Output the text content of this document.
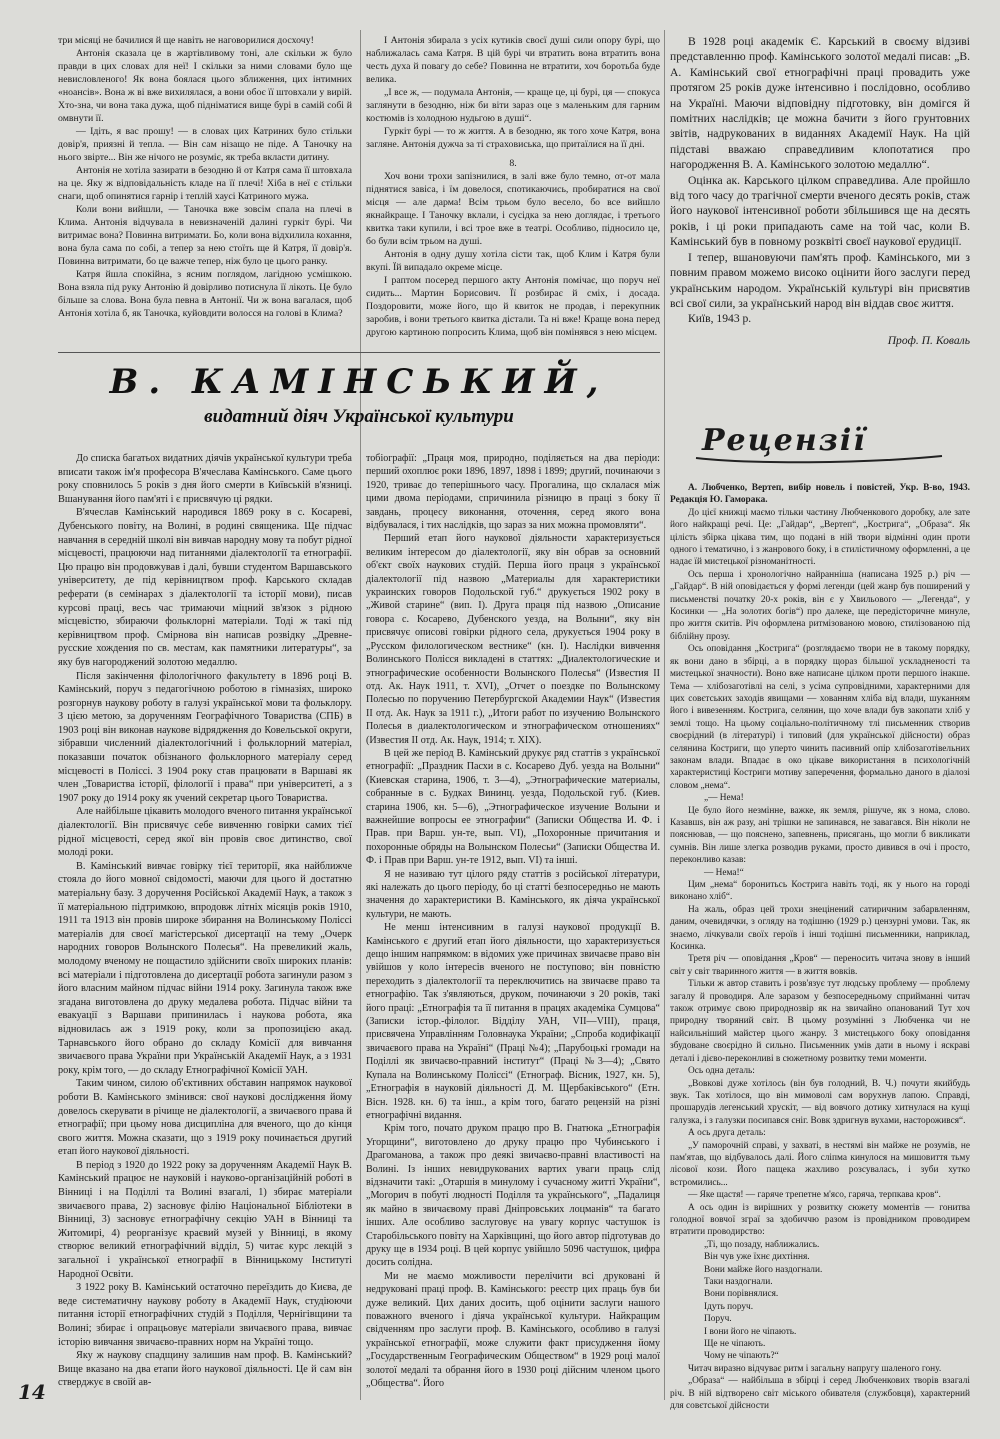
три місяці не бачилися й ще навіть не наговорилися досхочу!

Антонія сказала це в жартівливому тоні, але скільки ж було правди в цих словах для неї! І скільки за ними словами було ще невисловленого! Як вона боялася цього зближення, цих інтимних «ноансів». Вона ж ві вже вихилялася, а вони обоє її штовхали у вирій. Хто-зна, чи вона така дужа, щоб підніматися вище бурі в самій собі й омвнути її.

— Ідіть, я вас прошу! — в словах цих Катриних було стільки довір'я, приязні й тепла. — Він сам нізащо не піде. А Таночку на нього звірте... Він же нічого не розуміє, як треба вкласти дитину.

Антонія не хотіла зазирати в безодню й от Катря сама її штовхала на це. Яку ж відповідальність кладе на її плечі! Хіба в неї є стільки снаги, щоб опинятися гарнір і теплій хаусі Катриного мужа.

Коли вони вийшли, — Таночка вже зовсім спала на плечі в Клима. Антонія відчувала в невизначеній далині гуркіт бурі. Чи витримає вона? Повинна витримати. Бо, коли вона відхилила кохання, вона була сама по собі, а тепер за нею стоїть ще й Катря, її довір'я. Повинна витримати, бо це важче тепер, ніж було це цього ранку.

Катря йшла спокійна, з ясним поглядом, лагідною усмішкою. Вона взяла під руку Антонію й довірливо потиснула її лікоть. Це було більше за слова. Вона була певна в Антонії. Чи ж вона вагалася, щоб Антонія хотіла б, як Таночка, куйовдити волосся на голові в Клима?

І Антонія збирала з усіх кутиків своєї душі сили опору бурі, що наближалась сама Катря. В цій бурі чи втратить вона втратить вона честь духа й повагу до себе? Повинна не втратити, хоч боротьба буде велика.

„І все ж, — подумала Антонія, — краще це, ці бурі, ця — спокуса заглянути в безодню, ніж би віти зараз оце з маленьким для гарним костюмів із холодною нудьгою в душі“.

Гуркіт бурі — то ж життя. А в безодню, як того хоче Катря, вона загляне. Антонія дужча за ті страховиська, що притаїлися на її дні.

8.

Хоч вони трохи запізнилися, в залі вже було темно, от-от мала піднятися завіса, і їм довелося, спотикаючись, пробиратися на свої місця — але дарма! Всім трьом було весело, бо все вийшло якнайкраще. І Таночку вклали, і сусідка за нею доглядає, і третього квитка таки купили, і всі трое вже в театрі. Особливо, підносило це, бо були всім трьом на душі.

Антонія в одну душу хотіла сісти так, щоб Клим і Катря були вкупі. Їй випадало окреме місце.

І раптом посеред першого акту Антонія помічає, що поруч неї сидить... Мартин Борисович. Її розбирає й сміх, і досада. Поздоровити, може його, що й квиток не продав, і перекупник заробив, і вони третього квитка дістали. Та ні вже! Краще вона перед другою картиною попросить Клима, щоб він помінявся з нею місцем.

В 1928 році академік Є. Карський в своєму відзиві представленню проф. Камінського золотої медалі писав: „В. А. Камінський свої етнографічні праці провадить уже протягом 25 років дуже інтенсивно і послідовно, особливо на Україні. Маючи відповідну підготовку, він домігся й помітних наслідків; це можна бачити з його грунтовних звітів, надрукованих в виданнях Академії Наук. На цій підставі вважаю справедливим клопотатися про нагородження В. А. Камінського золотою медаллю“.

Оцінка ак. Карського цілком справедлива. Але пройшло від того часу до трагічної смерти вченого десять років, стаж його наукової інтенсивної роботи збільшився ще на десять років, і ці роки припадають саме на той час, коли В. Камінський був в повному розквіті своєї наукової ерудиції.

І тепер, вшановуючи пам'ять проф. Камінського, ми з повним правом можемо високо оцінити його заслуги перед українським народом. Українській культурі він присвятив всі свої сили, за український народ він віддав своє життя.

Київ, 1943 р.

Проф. П. Коваль

В. КАМІНСЬКИЙ,
видатний діяч Української культури
Рецензії

До списка багатьох видатних діячів української культури треба вписати також ім'я професора В'ячеслава Камінського. Саме цього року сповнилось 5 років з дня його смерти в Київській в'язниці. Вшанування його пам'яті і є присвячую ці рядки.

В'ячеслав Камінський народився 1869 року в с. Косареві, Дубенського повіту, на Волині, в родині священика. Ще підчас навчання в середній школі він вивчав народну мову та побут рідної місцевості, працюючи над питаннями діалектології та етнографії. Цю працю він продовжував і далі, бувши студентом Варшавського університету, де під керівництвом проф. Карського складав реферати (в семінарах з діалектології та історії мови), писав курсові праці, весь час тримаючи міцний зв'язок з рідною місцевістю, збираючи фольклорні матеріали. Тоді ж такі під керівництвом проф. Смірнова він написав розвідку „Древне-русские хождения по св. местам, как памятники литературы“, за яку був нагороджений золотою медаллю.

Після закінчення філологічного факультету в 1896 році В. Камінський, поруч з педагогічною роботою в гімназіях, широко розгорнув наукову роботу в галузі української мови та фольклору. З цією метою, за дорученням Географічного Товариства (СПБ) в 1903 році він виконав наукове відрядження до Ковельської округи, зібравши численний діалектологічний і фольклорний матеріал, показавши початок обізнаного фольклорного матеріалу серед місцевості в Поліссі. З 1904 року став працювати в Варшаві як член „Товариства історії, філології і права“ при університеті, а з 1907 року до 1914 року як учений секретар цього Товариства.

Але найбільше цікавить молодого вченого питання української діалектології. Він присвячує себе вивченню говірки самих тієї рідної місцевості, серед якої він провів своє дитинство, свої молоді роки.

В. Камінський вивчає говірку тієї території, яка найближче стояла до його мовної свідомості, маючи для цього й достатню матеріальну базу. З доручення Російської Академії Наук, а також з її матеріальною підтримкою, впродовж літніх місяців років 1910, 1911 та 1913 він провів широке збирання на Волинському Поліссі матеріалів для своєї магістерської дисертації на тему „Очерк народних говоров Волынского Полесья“. На превеликий жаль, молодому вченому не пощастило здійснити своїх широких планів: всі матеріали і підготовлена до дисертації робота загинули разом з його власним майном підчас війни 1914 року. Загинула також вже згадана виготовлена до друку медалева робота. Підчас війни та евакуації з Варшави припинилась і наукова робота, яка відновилась аж з 1919 року, коли за пропозицією акад. Тарнавського його обрано до складу Комісії для вивчання звичаєвого права України при Українській Академії Наук, а з 1931 року, крім того, — до складу Етнографічної Комісії УАН.

Таким чином, силою об'єктивних обставин напрямок наукової роботи В. Камінського змінився: свої наукові дослідження йому довелось скерувати в річище не діалектології, а звичаєвого права й етнографії; при цьому нова дисципліна для вченого, що до кінця свого життя. Можна сказати, що з 1919 року починається другий етап його наукової діяльності.

В період з 1920 до 1922 року за дорученням Академії Наук В. Камінський працює не науковій і науково-організаційній роботі в Вінниці і на Поділлі та Волині взагалі, 1) збирає матеріали звичаєвого права, 2) засновує філію Національної Бібліотеки в Вінниці, 3) засновує етнографічну секцію УАН в Вінниці та Житомирі, 4) реорганізує краєвий музей у Вінниці, в якому створює великий етнографічний відділ, 5) читає курс лекцій з загальної і української етнографії в Вінницькому Інституті Народної Освіти.

З 1922 року В. Камінський остаточно переїздить до Києва, де веде систематичну наукову роботу в Академії Наук, студіюючи питання історії етнографічних студій з Поділля, Чернігівщини та Волині; збирає і опрацьовує матеріали звичаєвого права, вивчає історію вивчання звичаєво-правних норм на Україні тощо.

Яку ж наукову спадщину залишив нам проф. В. Камінський? Вище вказано на два етапи його наукової діяльності. Це й сам він стверджує в своїй ав-

тобіографії: „Праця моя, природно, поділяється на два періоди: перший охоплює роки 1896, 1897, 1898 і 1899; другий, починаючи з 1920, триває до теперішнього часу. Прогалина, що склалася між цими двома періодами, спричинила різницю в праці з боку її завдань, процесу виконання, оточення, серед якого вона відбувалася, і тих наслідків, що зараз за них можна промовляти“.

Перший етап його наукової діяльности характеризується великим інтересом до діалектології, яку він обрав за основний об'єкт своїх наукових студій. Перша його праця з української діалектології під назвою „Материалы для характеристики украинских говоров Подольской губ.“ друкується 1902 року в „Живой старине“ (вип. I). Друга праця під назвою „Описание говора с. Косарево, Дубенского уезда, на Волыни“, яку він присвячує описові говірки рідного села, друкується 1904 року в „Русском филологическом вестнике“ (кн. I). Наслідки вивчення Волинського Полісся викладені в статтях: „Диалектологические и этнографические особенности Волынского Полесья“ (Известия II отд. Ак. Наук 1911, т. XVI), „Отчет о поездке по Волынскому Полесью по поручению Петербургской Академии Наук“ (Известия II отд. Ак. Наук за 1911 г.), „Итоги работ по изучению Волынского Полесья в диалектологическом и этнографическом отношениях“ (Известия II отд. Ак. Наук, 1914; т. XIX).

В цей же період В. Камінський друкує ряд статтів з української етнографії: „Праздник Пасхи в с. Косарево Дуб. уезда на Волыни“ (Киевская старина, 1906, т. 3—4), „Этнографические материалы, собранные в с. Будках Вининц. уезда, Подольской губ. (Киев. старина 1906, кн. 5—6), „Этнографическое изучение Волыни и важнейшие вопросы ее этнографии“ (Записки Общества И. Ф. і Прав. при Варш. ун-те, вып. VI), „Похоронные причитания и похоронные обряды на Волынском Полесьи“ (Записки Общества И. Ф. і Прав при Варш. ун-те 1912, вып. VI) та інші.

Я не називаю тут цілого ряду статтів з російської літератури, які належать до цього періоду, бо ці статті безпосередньо не мають значення до характеристики В. Камінського, як діяча української культури, не мають.

Не менш інтенсивним в галузі наукової продукції В. Камінського є другий етап його діяльности, що характеризується дещо іншим напрямком: в відомих уже причинах звичаєве право він увійшов у коло інтересів вченого не поступово; він повністю переходить з діалектології та переключитись на звичаєве право та етнографію. Так з'являються, друком, починаючи з 20 років, такі його праці: „Етнографія та її питання в працях академіка Сумцова“ (Записки істор.-філолог. Відділу УАН, VII—VIII), праця, присвячена Управлінням Головнаука України; „Спроба кодифікації звичаєвого права на Україні“ (Праці №4); „Парубоцькі громади на Поділлі як звичаєво-правний інститут“ (Праці №3—4); „Свято Купала на Волинському Поліссі“ (Етнограф. Вісник, 1927, кн. 5), „Етнографія в науковій діяльності Д. М. Щербаківського“ (Етн. Вісн. 1928. кн. 6) та інш., а крім того, багато рецензій на різні етнографічні видання.

Крім того, почато друком працю про В. Гнатюка „Етнографія Угорщини“, виготовлено до друку працю про Чубинського і Драгоманова, а також про деякі звичаєво-правні властивості на Волині. Із інших невидрукованих вартих уваги праць слід відзначити такі: „Отаршія в минулому і сучасному житті України“, „Могорич в побуті людності Поділля та українського“, „Падалиця як майно в звичаєвому праві Дніпровських лоцманів“ та багато інших. Але особливо заслуговує на увагу корпус частушок із Старобільського повіту на Харківщині, що його автор підготував до друку ще в 1934 році. В цей корпус увійшло 5096 частушок, цифра досить солідна.

Ми не маємо можливости перелічити всі друковані й недруковані праці проф. В. Камінського: реєстр цих праць був би дуже великий. Цих даних досить, щоб оцінити заслуги нашого поважного вченого і діяча української культури. Найкращим свідченням про заслуги проф. В. Камінського, особливо в галузі української етнографії, може служити факт присудження йому „Государственным Географическим Обществом“ в 1929 році малої золотої медалі та обрання його в 1930 році дійсним членом цього „Общества“. Його

А. Любченко, Вертеп, вибір новель і повістей, Укр. В-во, 1943. Редакція Ю. Гаморака.

До цієї книжці маємо тільки частину Любченкового доробку, але зате його найкращі речі. Це: „Гайдар“, „Вертеп“, „Кострига“, „Образа“. Як цілість збірка цікава тим, що подані в ній твори відмінні один проти одного і тематично, і з жанрового боку, і в стилістичному оформленні, а це надає їй мистецької різноманітності.

Ось перша і хронологічно найранніша (написана 1925 р.) річ — „Гайдар“. В ній оповідається у формі легенди (цей жанр був поширений у письменстві початку 20-х років, він є у Хвильового — „Легенда“, у Косинки — „На золотих богів“) про далеке, ще передісторичне минуле, про життя скитів. Річ оформлена ритмізованою мовою, стилізованою під біблійну прозу.

Ось оповідання „Кострига“ (розглядаємо твори не в такому порядку, як вони дано в збірці, а в порядку щораз більшої ускладненості та мистецької значности). Воно вже написане цілком проти першого інакше. Тема — хлібозаготівлі на селі, з усіма супровідними, характерними для цих совєтських заходів явищами — хованням хліба від влади, шуканням його і вивезенням. Кострига, селянин, що хоче влади був закопати хліб у землі тощо. На цьому соціально-політичному тлі письменник створив своєрідний (в літературі) і типовий (для української дійсности) образ селянина Костриги, що уперто чинить пасивний опір хлібозаготівельних законам влади. Впадає в око цікаве використання в психологічній характеристиці Костриги мотиву заперечення, формально даного в діалозі словом „нема“.

„— Нема!

Це було його незмінне, важке, як земля, рішуче, як з нома, слово. Казавшs, він аж разу, ані трішки не запинався, не завагався. Він ніколи не пояснював, — що пояснено, запевнень, присягань, що могли б викликати сумнів. Він лише злегка розводив руками, просто дивився в очі і просто, переконливо казав:

— Нема!“

Цим „нема“ боронитьсь Кострига навіть тоді, як у нього на городі виконано хліб“.

На жаль, образ цей трохи знецінений сатиричним забарвленням, даним, очевидячки, з огляду на тодішню (1929 р.) цензурні умови. Так, як знаємо, лічкували своїх героїв і інші тодішні письменники, наприклад, Косинка.

Третя річ — оповідання „Кров“ — переносить читача знову в інший світ у світ тваринного життя — в життя вовків.

Тільки ж автор ставить і розв'язує тут людську проблему — проблему загалу й проводиря. Але заразом у безпосередньому сприйманні читач також отримує свою природнозвір як на звичайно опанований Тут хоч природну творяний світ. В цьому розумінні з Любченка чи не найсильніший майстер цього жанру. З мистецького боку оповідання збудоване своєрідно й сильно. Письменник умів дати в ньому і яскраві деталі і дієво-переконливі в сюжетному розвитку теми моменти.

Ось одна деталь:

„Вовкові дуже хотілось (він був голодний, В. Ч.) почути якийбудь звук. Так хотілося, що він мимоволі сам ворухнув лапою. Справді, прошарудів легенський хрускіт, — від вовчого дотику хитнулася на кущі галузка, і з галузки посипався сніг. Вовк здригнув вухами, насторожився“.

А ось друга деталь:

„У паморочній справі, у захваті, в нестямі він майже не розумів, не пам'ятав, що відбувалось далі. Його сліпма кинулося на мишовиття тьму лісової кози. Його пащека жахливо розсувалась, і зуби хутко встромились...

— Яке щастя! — гаряче трепетне м'ясо, гаряча, терпкава кров“.

А ось один із вирішних у розвитку сюжету моментів — гонитва голодної вовчої зграї за здобиччю разом із провідником проводирем втратити проводирство:

„Ті, що позаду, наближались.

Він чув уже їхнє дихтіння.

Вони майже його наздогнали.

Таки наздогнали.

Вони порівнялися.

Ідуть поруч.

Поруч.

І вони його не чіпають.

Ще не чіпають.

Чому не чіпають?“

Читач виразно відчуває ритм і загальну напругу шаленого гону.

„Образа“ — найбільша в збірці і серед Любченкових творів взагалі річ. В ній відтворено світ міського обивателя (службовця), характерний для совєтської дійсности

14
